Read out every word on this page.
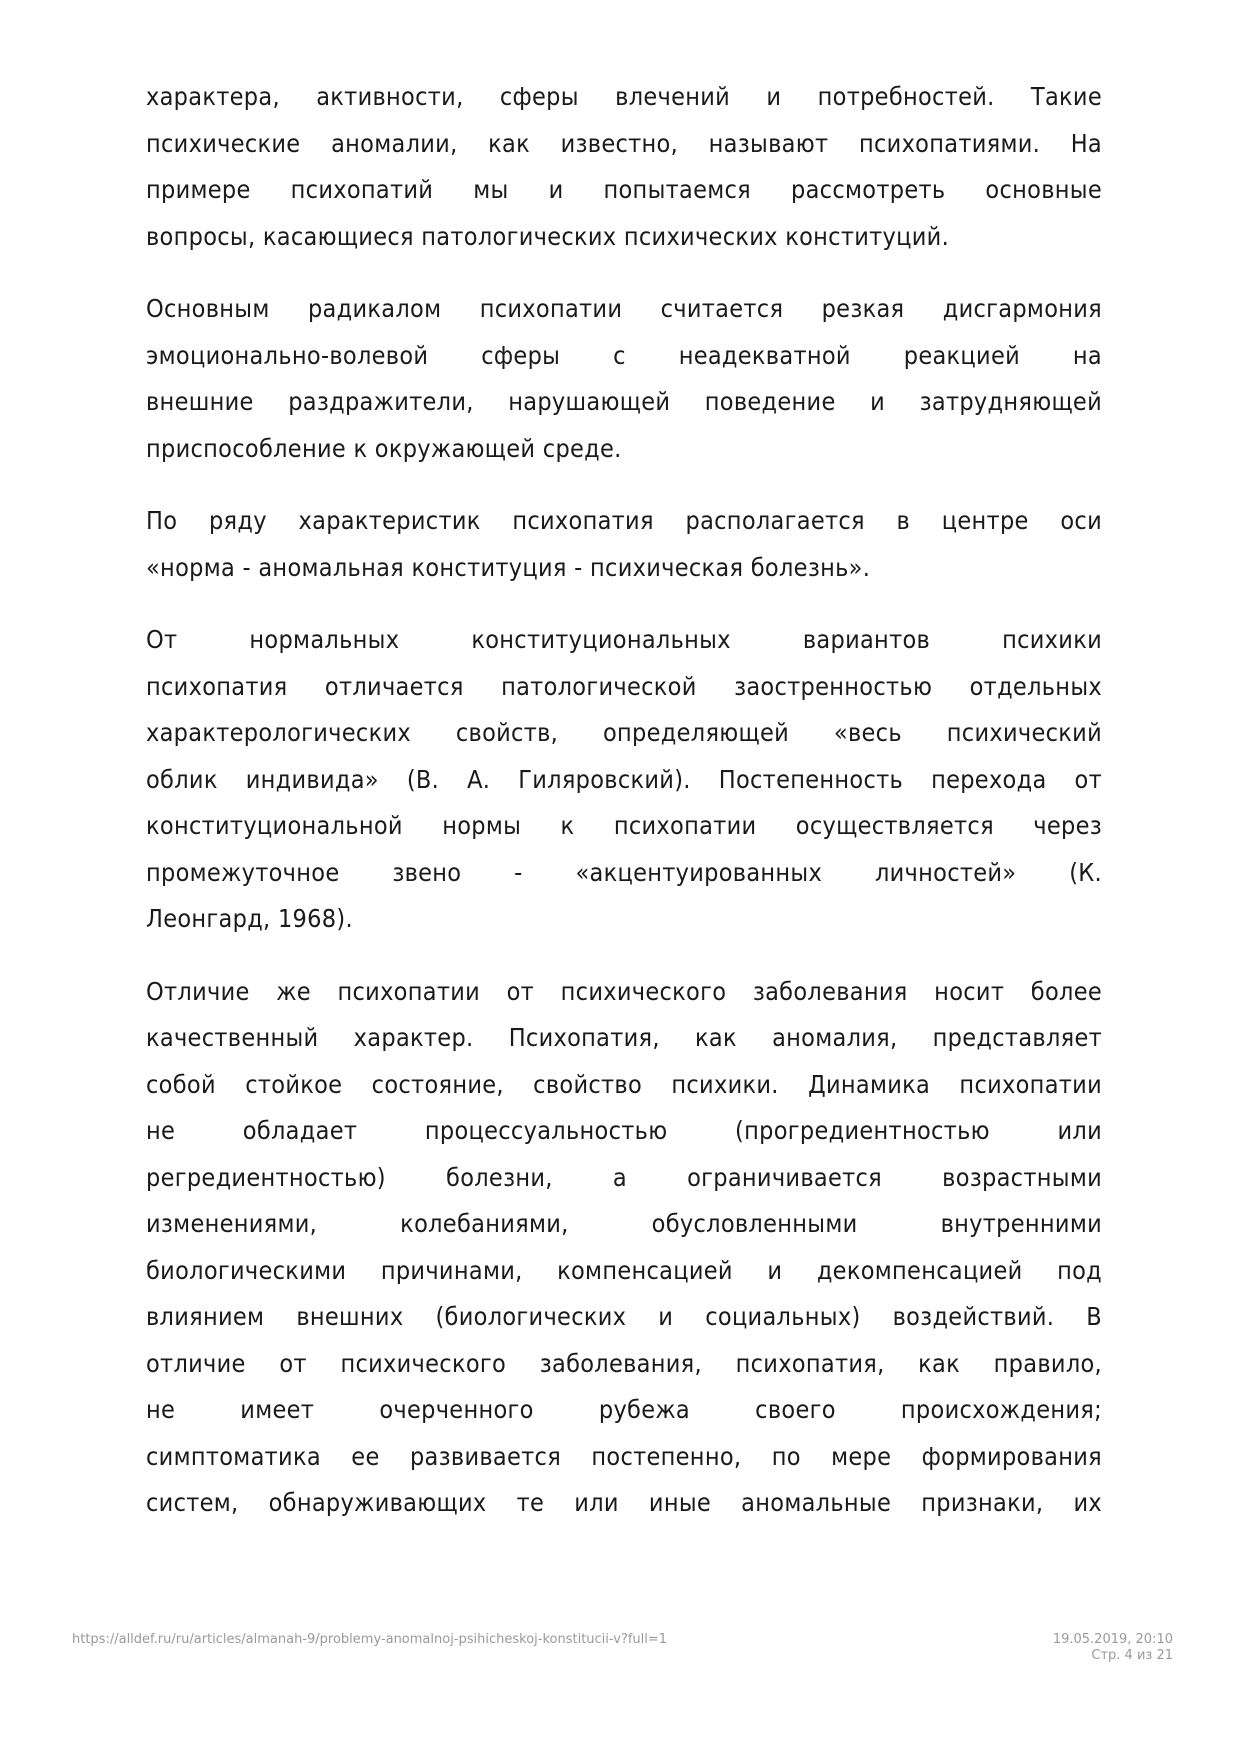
характера, активности, сферы влечений и потребностей. Такие
психические аномалии, как известно, называют психопатиями. На
примере психопатий мы и попытаемся рассмотреть основные
вопросы, касающиеся патологических психических конституций.

Основным радикалом психопатии считается резкая дисгармония
эмоционально-волевой сферы с неадекватной реакцией на
внешние раздражители, нарушающей поведение и затрудняющей
приспособление к окружающей среде.

По ряду характеристик психопатия располагается в центре оси
«норма - аномальная конституция - психическая болезнь».

От нормальных конституциональных вариантов психики
психопатия отличается патологической заостренностью отдельных
характерологических свойств, определяющей «весь психический
облик индивида» (В. А. Гиляровский). Постепенность перехода от
конституциональной нормы к психопатии осуществляется через
промежуточное звено - «акцентуированных личностей» (К.
Леонгард, 1968).

Отличие же психопатии от психического заболевания носит более
качественный характер. Психопатия, как аномалия, представляет
собой стойкое состояние, свойство психики. Динамика психопатии
не обладает процессуальностью (прогредиентностью или
регредиентностью) болезни, а ограничивается возрастными
изменениями, колебаниями, обусловленными внутренними
биологическими причинами, компенсацией и декомпенсацией под
влиянием внешних (биологических и социальных) воздействий. В
отличие от психического заболевания, психопатия, как правило,
не имеет очерченного рубежа своего происхождения;
симптоматика ее развивается постепенно, по мере формирования
систем, обнаруживающих те или иные аномальные признаки, их

https://alldef.ru/ru/articles/almanah-9/problemy-anomalnoj-psihicheskoj-konstitucii-v?full=1	19.05.2019, 20:10
Стр. 4 из 21
